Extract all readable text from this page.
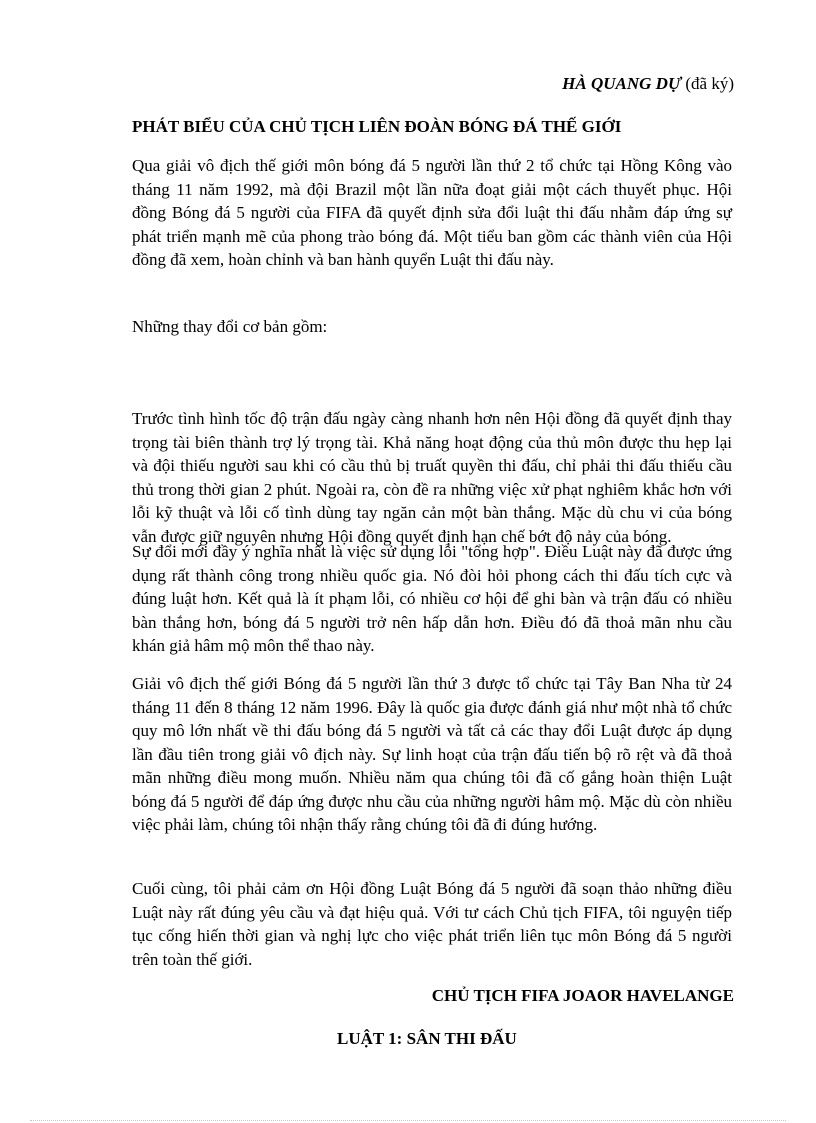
HÀ QUANG DỰ (đã ký)
PHÁT BIỂU CỦA CHỦ TỊCH LIÊN ĐOÀN BÓNG ĐÁ THẾ GIỚI

Qua giải vô địch thế giới môn bóng đá 5 người lần thứ 2 tổ chức tại Hồng Kông vào tháng 11 năm 1992, mà đội Brazil một lần nữa đoạt giải một cách thuyết phục. Hội đồng Bóng đá 5 người của FIFA đã quyết định sửa đổi luật thi đấu nhằm đáp ứng sự phát triển mạnh mẽ của phong trào bóng đá. Một tiểu ban gồm các thành viên của Hội đồng đã xem, hoàn chỉnh và ban hành quyển Luật thi đấu này.

Những thay đổi cơ bản gồm:

Trước tình hình tốc độ trận đấu ngày càng nhanh hơn nên Hội đồng đã quyết định thay trọng tài biên thành trợ lý trọng tài. Khả năng hoạt động của thủ môn được thu hẹp lại và đội thiếu người sau khi có cầu thủ bị truất quyền thi đấu, chỉ phải thi đấu thiếu cầu thủ trong thời gian 2 phút. Ngoài ra, còn đề ra những việc xử phạt nghiêm khắc hơn với lỗi kỹ thuật và lỗi cố tình dùng tay ngăn cản một bàn thắng. Mặc dù chu vi của bóng vẫn được giữ nguyên nhưng Hội đồng quyết định hạn chế bớt độ nảy của bóng.

Sự đổi mới đầy ý nghĩa nhất là việc sử dụng lỗi "tổng hợp". Điều Luật này đã được ứng dụng rất thành công trong nhiều quốc gia. Nó đòi hỏi phong cách thi đấu tích cực và đúng luật hơn. Kết quả là ít phạm lỗi, có nhiều cơ hội để ghi bàn và trận đấu có nhiều bàn thắng hơn, bóng đá 5 người trở nên hấp dẫn hơn. Điều đó đã thoả mãn nhu cầu khán giả hâm mộ môn thể thao này.

Giải vô địch thế giới Bóng đá 5 người lần thứ 3 được tổ chức tại Tây Ban Nha từ 24 tháng 11 đến 8 tháng 12 năm 1996. Đây là quốc gia được đánh giá như một nhà tổ chức quy mô lớn nhất về thi đấu bóng đá 5 người và tất cả các thay đổi Luật được áp dụng lần đầu tiên trong giải vô địch này. Sự linh hoạt của trận đấu tiến bộ rõ rệt và đã thoả mãn những điều mong muốn. Nhiều năm qua chúng tôi đã cố gắng hoàn thiện Luật bóng đá 5 người để đáp ứng được nhu cầu của những người hâm mộ. Mặc dù còn nhiều việc phải làm, chúng tôi nhận thấy rằng chúng tôi đã đi đúng hướng.

Cuối cùng, tôi phải cảm ơn Hội đồng Luật Bóng đá 5 người đã soạn thảo những điều Luật này rất đúng yêu cầu và đạt hiệu quả. Với tư cách Chủ tịch FIFA, tôi nguyện tiếp tục cống hiến thời gian và nghị lực cho việc phát triển liên tục môn Bóng đá 5 người trên toàn thế giới.

CHỦ TỊCH FIFA JOAOR HAVELANGE
LUẬT 1: SÂN THI ĐẤU
